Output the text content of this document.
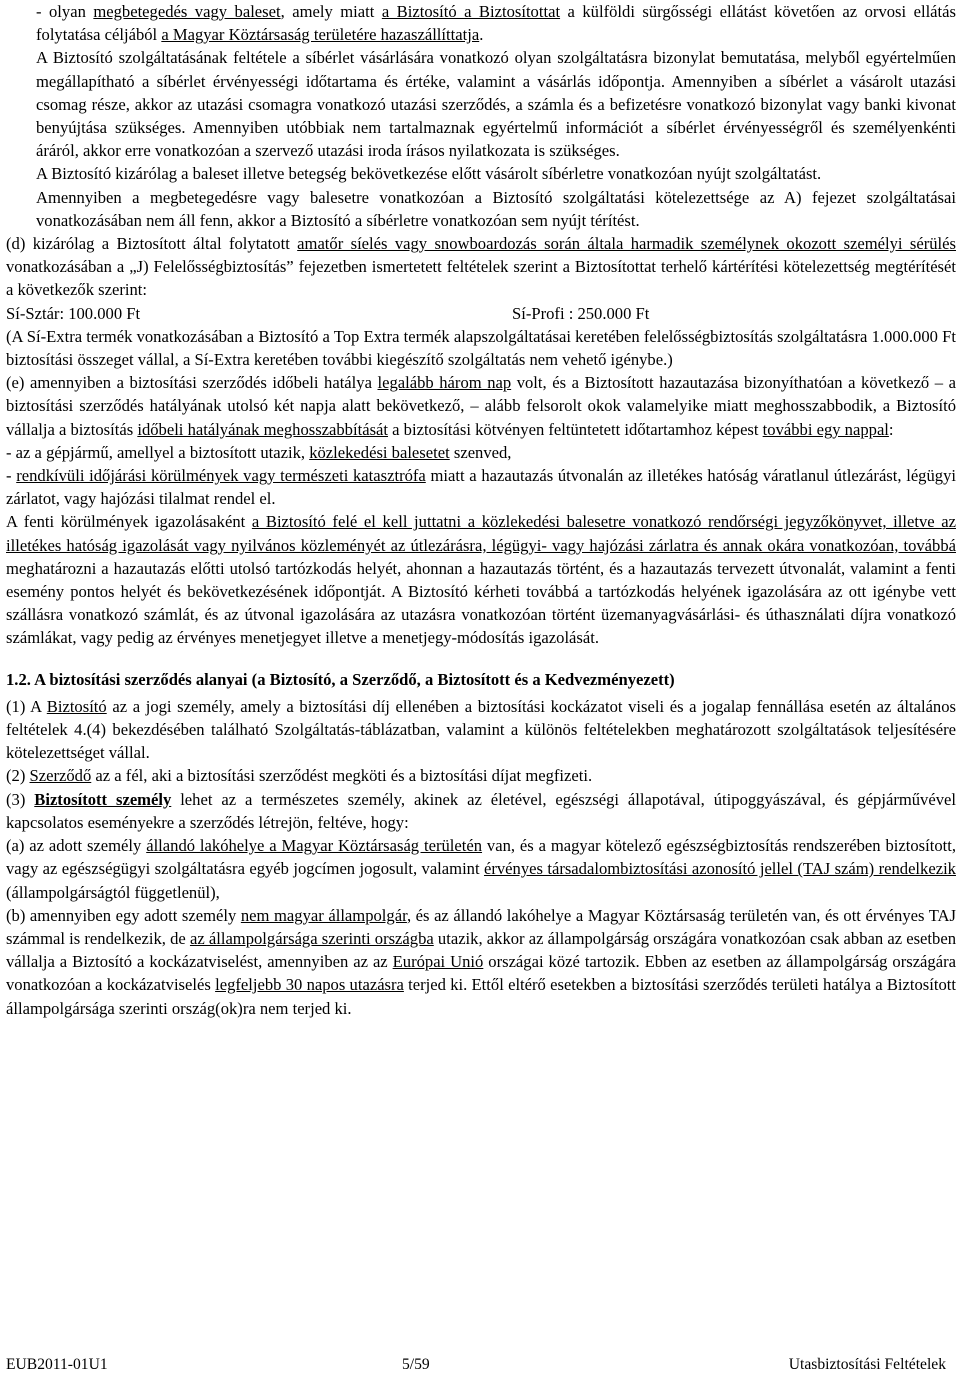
- olyan megbetegedés vagy baleset, amely miatt a Biztosító a Biztosítottat a külföldi sürgősségi ellátást követően az orvosi ellátás folytatása céljából a Magyar Köztársaság területére hazaszállíttatja.

A Biztosító szolgáltatásának feltétele a síbérlet vásárlására vonatkozó olyan szolgáltatásra bizonylat bemutatása, melyből egyértelműen megállapítható a síbérlet érvényességi időtartama és értéke, valamint a vásárlás időpontja. Amennyiben a síbérlet a vásárolt utazási csomag része, akkor az utazási csomagra vonatkozó utazási szerződés, a számla és a befizetésre vonatkozó bizonylat vagy banki kivonat benyújtása szükséges. Amennyiben utóbbiak nem tartalmaznak egyértelmű információt a síbérlet érvényességről és személyenkénti áráról, akkor erre vonatkozóan a szervező utazási iroda írásos nyilatkozata is szükséges.

A Biztosító kizárólag a baleset illetve betegség bekövetkezése előtt vásárolt síbérletre vonatkozóan nyújt szolgáltatást.

Amennyiben a megbetegedésre vagy balesetre vonatkozóan a Biztosító szolgáltatási kötelezettsége az A) fejezet szolgáltatásai vonatkozásában nem áll fenn, akkor a Biztosító a síbérletre vonatkozóan sem nyújt térítést.

(d) kizárólag a Biztosított által folytatott amatőr síelés vagy snowboardozás során általa harmadik személynek okozott személyi sérülés vonatkozásában a „J) Felelősségbiztosítás” fejezetben ismertetett feltételek szerint a Biztosítottat terhelő kártérítési kötelezettség megtérítését a következők szerint:

Sí-Sztár: 100.000 Ft	Sí-Profi : 250.000 Ft

(A Sí-Extra termék vonatkozásában a Biztosító a Top Extra termék alapszolgáltatásai keretében felelősségbiztosítás szolgáltatásra 1.000.000 Ft biztosítási összeget vállal, a Sí-Extra keretében további kiegészítő szolgáltatás nem vehető igénybe.)

(e) amennyiben a biztosítási szerződés időbeli hatálya legalább három nap volt, és a Biztosított hazautazása bizonyíthatóan a következő – a biztosítási szerződés hatályának utolsó két napja alatt bekövetkező, – alább felsorolt okok valamelyike miatt meghosszabbodik, a Biztosító vállalja a biztosítás időbeli hatályának meghosszabbítását a biztosítási kötvényen feltüntetett időtartamhoz képest további egy nappal:

- az a gépjármű, amellyel a biztosított utazik, közlekedési balesetet szenved,

- rendkívüli időjárási körülmények vagy természeti katasztrófa miatt a hazautazás útvonalán az illetékes hatóság váratlanul útlezárást, légügyi zárlatot, vagy hajózási tilalmat rendel el.

A fenti körülmények igazolásaként a Biztosító felé el kell juttatni a közlekedési balesetre vonatkozó rendőrségi jegyzőkönyvet, illetve az illetékes hatóság igazolását vagy nyilvános közleményét az útlezárásra, légügyi- vagy hajózási zárlatra és annak okára vonatkozóan, továbbá meghatározni a hazautazás előtti utolsó tartózkodás helyét, ahonnan a hazautazás történt, és a hazautazás tervezett útvonalát, valamint a fenti esemény pontos helyét és bekövetkezésének időpontját. A Biztosító kérheti továbbá a tartózkodás helyének igazolására az ott igénybe vett szállásra vonatkozó számlát, és az útvonal igazolására az utazásra vonatkozóan történt üzemanyagvásárlási- és úthasználati díjra vonatkozó számlákat, vagy pedig az érvényes menetjegyet illetve a menetjegy-módosítás igazolását.

1.2. A biztosítási szerződés alanyai (a Biztosító, a Szerződő, a Biztosított és a Kedvezményezett)

(1) A Biztosító az a jogi személy, amely a biztosítási díj ellenében a biztosítási kockázatot viseli és a jogalap fennállása esetén az általános feltételek 4.(4) bekezdésében található Szolgáltatás-táblázatban, valamint a különös feltételekben meghatározott szolgáltatások teljesítésére kötelezettséget vállal.

(2) Szerződő az a fél, aki a biztosítási szerződést megköti és a biztosítási díjat megfizeti.

(3) Biztosított személy lehet az a természetes személy, akinek az életével, egészségi állapotával, útipoggyászával, és gépjárművével kapcsolatos eseményekre a szerződés létrejön, feltéve, hogy:

(a) az adott személy állandó lakóhelye a Magyar Köztársaság területén van, és a magyar kötelező egészségbiztosítás rendszerében biztosított, vagy az egészségügyi szolgáltatásra egyéb jogcímen jogosult, valamint érvényes társadalombiztosítási azonosító jellel (TAJ szám) rendelkezik (állampolgárságtól függetlenül),

(b) amennyiben egy adott személy nem magyar állampolgár, és az állandó lakóhelye a Magyar Köztársaság területén van, és ott érvényes TAJ számmal is rendelkezik, de az állampolgársága szerinti országba utazik, akkor az állampolgárság országára vonatkozóan csak abban az esetben vállalja a Biztosító a kockázatviselést, amennyiben az az Európai Unió országai közé tartozik. Ebben az esetben az állampolgárság országára vonatkozóan a kockázatviselés legfeljebb 30 napos utazásra terjed ki. Ettől eltérő esetekben a biztosítási szerződés területi hatálya a Biztosított állampolgársága szerinti ország(ok)ra nem terjed ki.

EUB2011-01U1	5/59	Utasbiztosítási Feltételek
